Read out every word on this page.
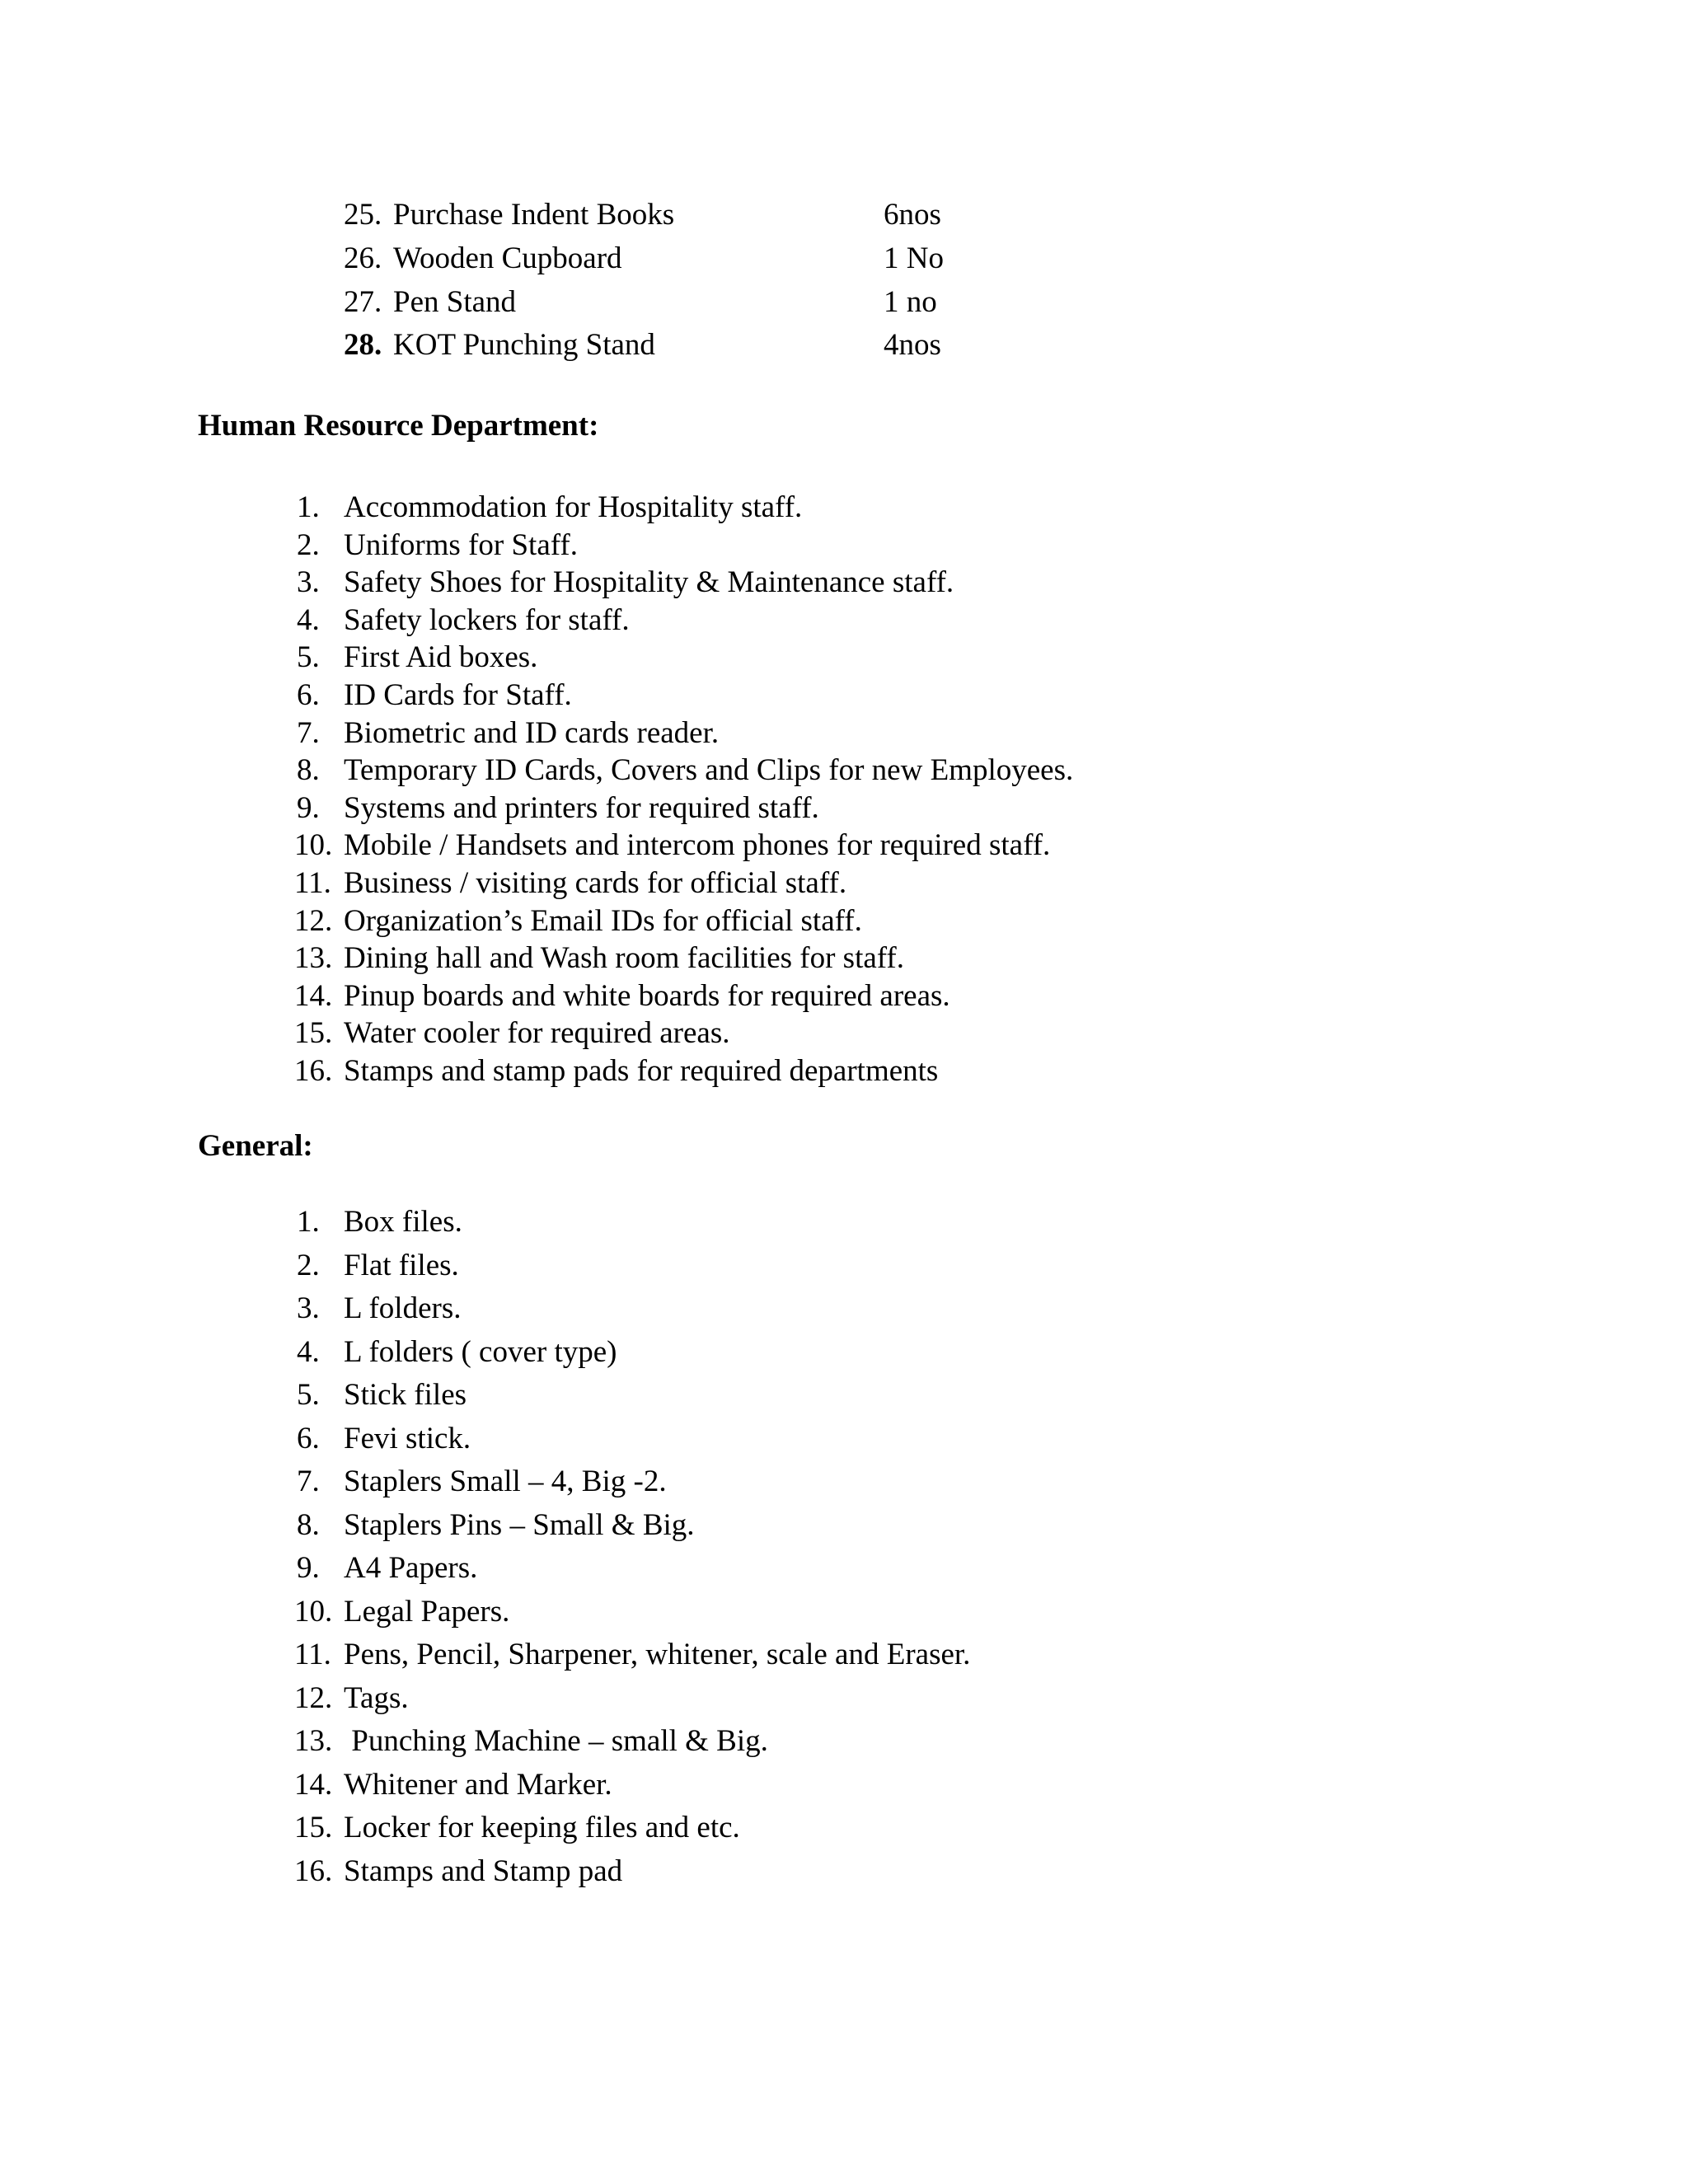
25. Purchase Indent Books	6nos
26. Wooden Cupboard	1 No
27. Pen Stand	1 no
28. KOT Punching Stand	4nos
Human Resource Department:
1. Accommodation for Hospitality staff.
2. Uniforms for Staff.
3. Safety Shoes for Hospitality & Maintenance staff.
4. Safety lockers for staff.
5. First Aid boxes.
6. ID Cards for Staff.
7. Biometric and ID cards reader.
8. Temporary ID Cards, Covers and Clips for new Employees.
9. Systems and printers for required staff.
10. Mobile / Handsets and intercom phones for required staff.
11. Business / visiting cards for official staff.
12. Organization’s Email IDs for official staff.
13. Dining hall and Wash room facilities for staff.
14. Pinup boards and white boards for required areas.
15. Water cooler for required areas.
16. Stamps and stamp pads for required departments
General:
1. Box files.
2. Flat files.
3. L folders.
4. L folders ( cover type)
5. Stick files
6. Fevi stick.
7. Staplers Small – 4, Big -2.
8. Staplers Pins – Small & Big.
9. A4 Papers.
10. Legal Papers.
11. Pens, Pencil, Sharpener, whitener, scale and Eraser.
12. Tags.
13. Punching Machine – small & Big.
14. Whitener and Marker.
15. Locker for keeping files and etc.
16. Stamps and Stamp pad
